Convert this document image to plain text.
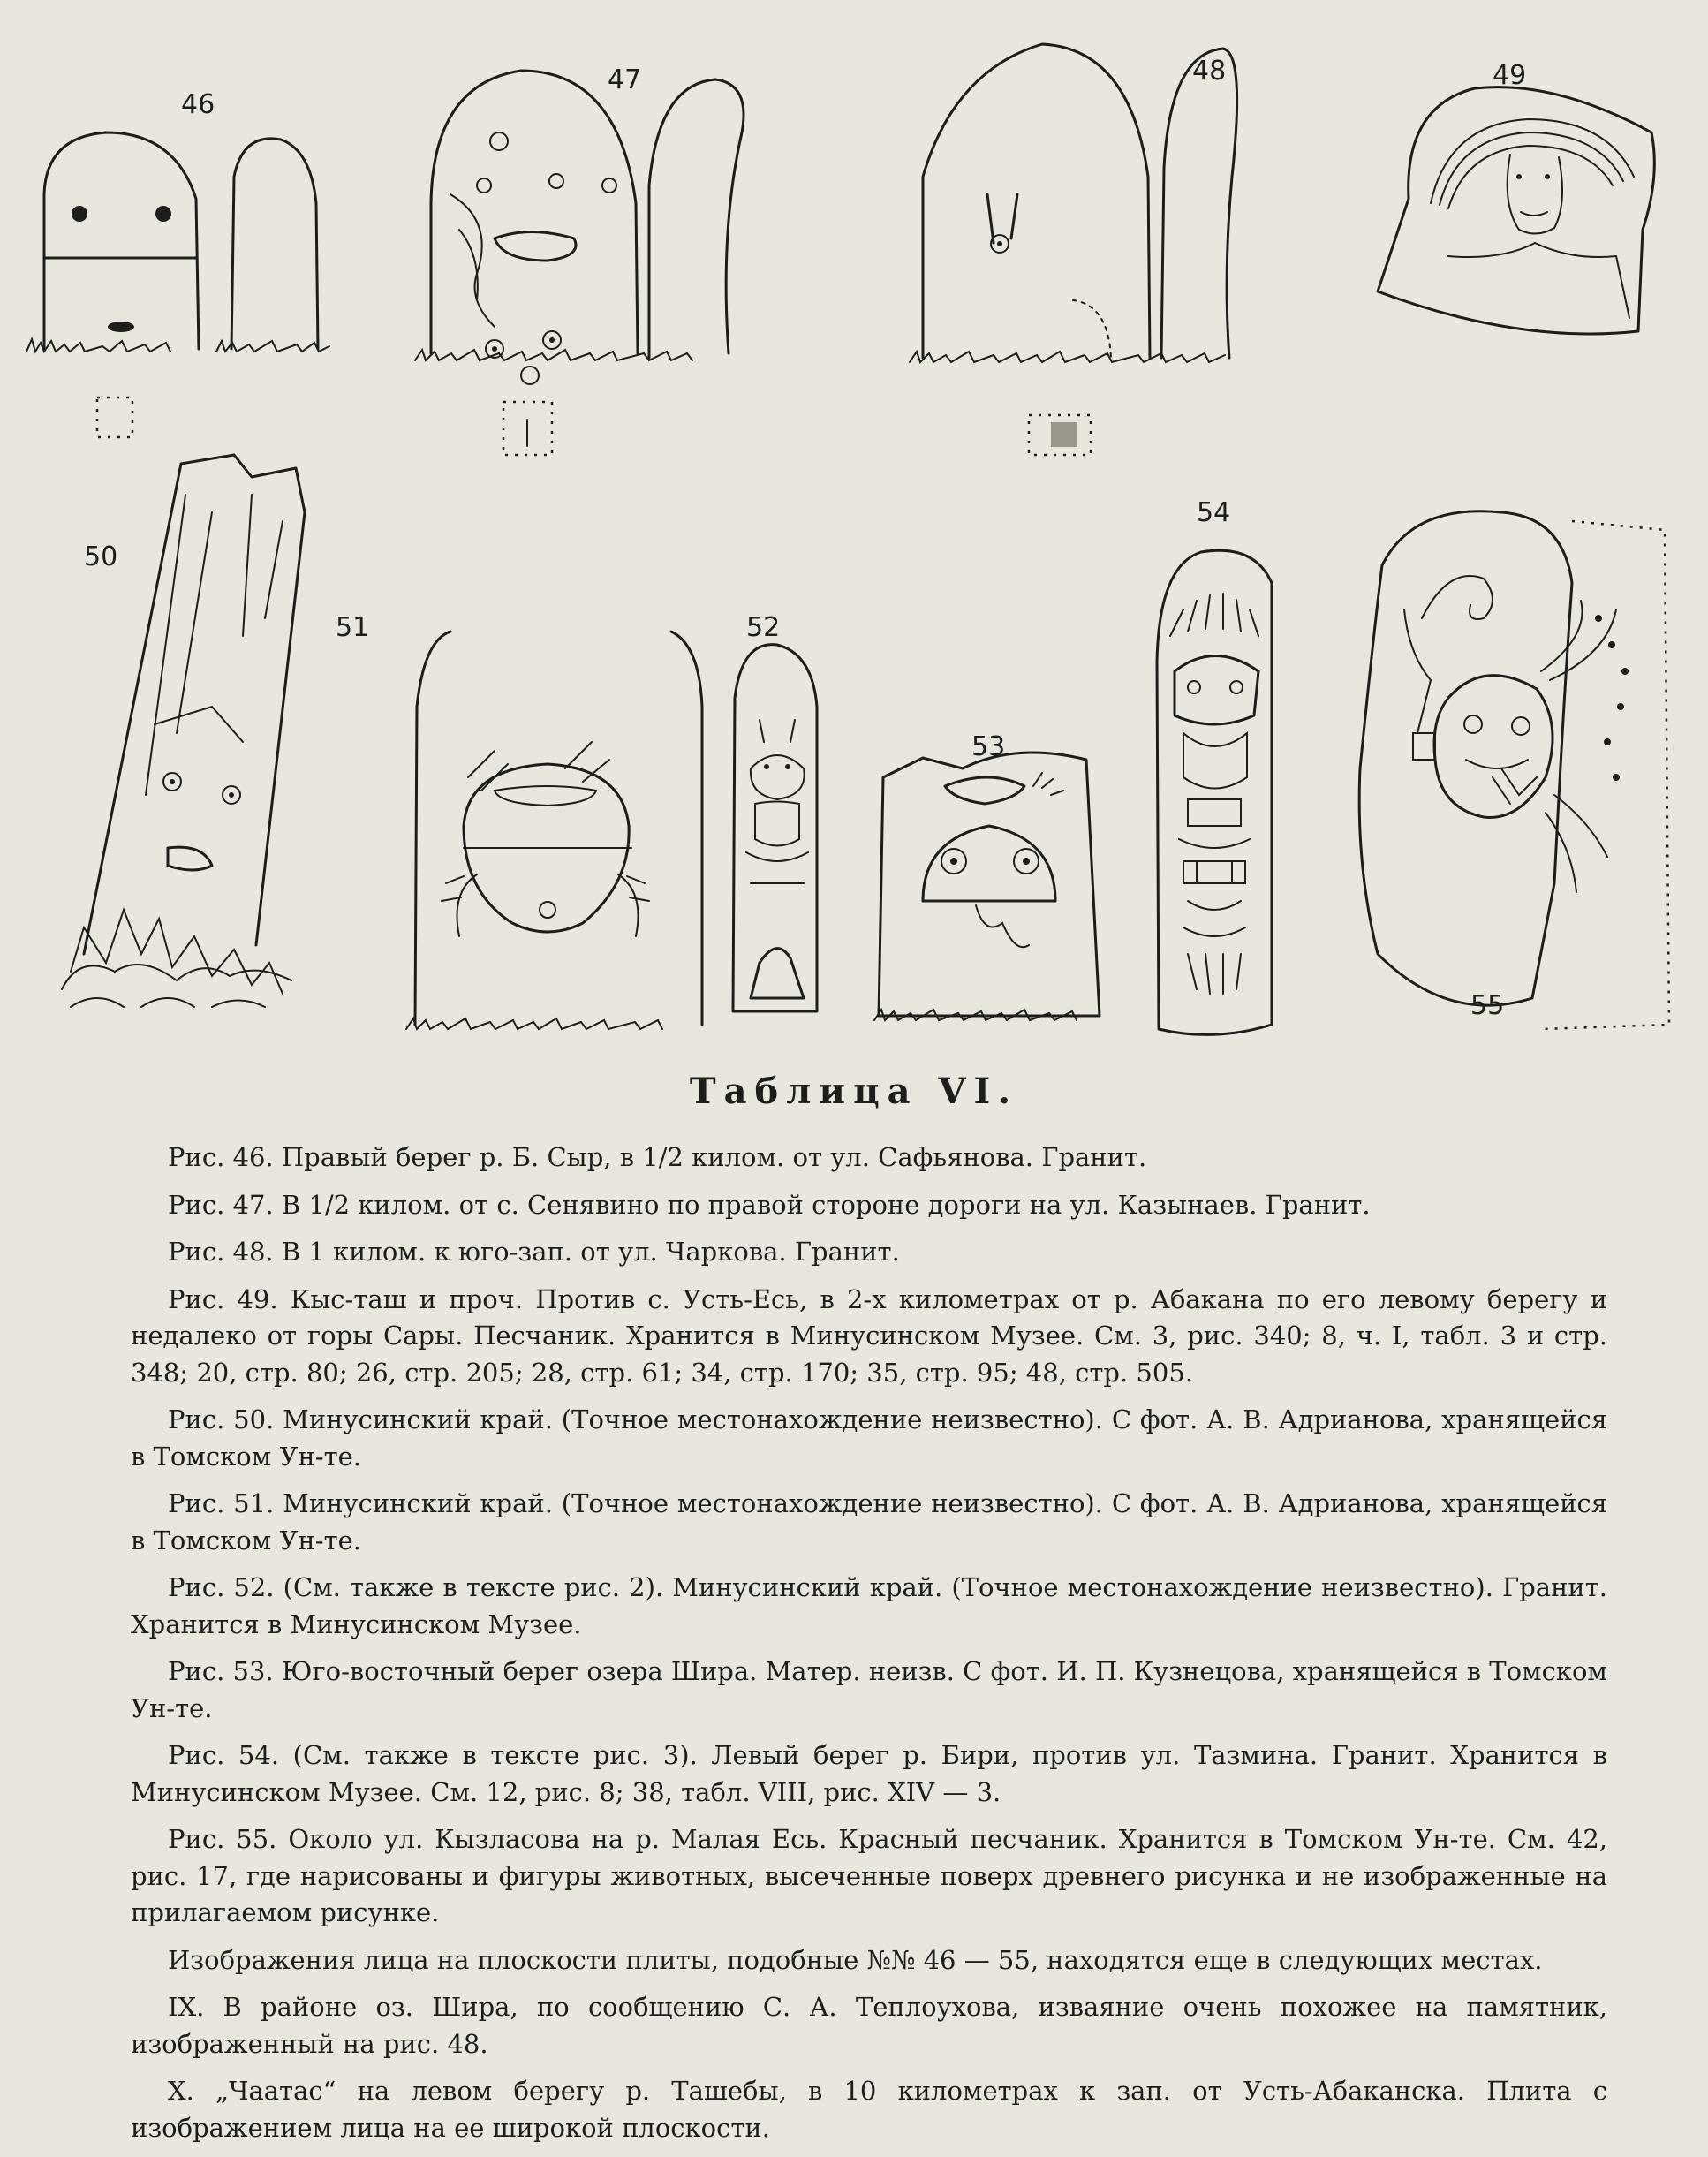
46
47	48	49
50
51	52
53
54
55
Таблица VI.

Рис. 46. Правый берег р. Б. Сыр, в 1/2 килом. от ул. Сафьянова. Гранит.

Рис. 47. В 1/2 килом. от с. Сенявино по правой стороне дороги на ул. Казынаев. Гранит.

Рис. 48. В 1 килом. к юго-зап. от ул. Чаркова. Гранит.

Рис. 49. Кыс-таш и проч. Против с. Усть-Есь, в 2-х километрах от р. Абакана по его левому берегу и недалеко от горы Сары. Песчаник. Хранится в Минусинском Музее. См. 3, рис. 340; 8, ч. I, табл. 3 и стр. 348; 20, стр. 80; 26, стр. 205; 28, стр. 61; 34, стр. 170; 35, стр. 95; 48, стр. 505.

Рис. 50. Минусинский край. (Точное местонахождение неизвестно). С фот. А. В. Адрианова, хранящейся в Томском Ун-те.

Рис. 51. Минусинский край. (Точное местонахождение неизвестно). С фот. А. В. Адрианова, хранящейся в Томском Ун-те.

Рис. 52. (См. также в тексте рис. 2). Минусинский край. (Точное местонахождение неизвестно). Гранит. Хранится в Минусинском Музее.

Рис. 53. Юго-восточный берег озера Шира. Матер. неизв. С фот. И. П. Кузнецова, хранящейся в Томском Ун-те.

Рис. 54. (См. также в тексте рис. 3). Левый берег р. Бири, против ул. Тазмина. Гранит. Хранится в Минусинском Музее. См. 12, рис. 8; 38, табл. VIII, рис. XIV — 3.

Рис. 55. Около ул. Кызласова на р. Малая Есь. Красный песчаник. Хранится в Томском Ун-те. См. 42, рис. 17, где нарисованы и фигуры животных, высеченные поверх древнего рисунка и не изображенные на прилагаемом рисунке.

Изображения лица на плоскости плиты, подобные №№ 46 — 55, находятся еще в следующих местах.

IX. В районе оз. Шира, по сообщению С. А. Теплоухова, изваяние очень похожее на памятник, изображенный на рис. 48.

X. „Чаатас“ на левом берегу р. Ташебы, в 10 километрах к зап. от Усть-Абаканска. Плита с изображением лица на ее широкой плоскости.
